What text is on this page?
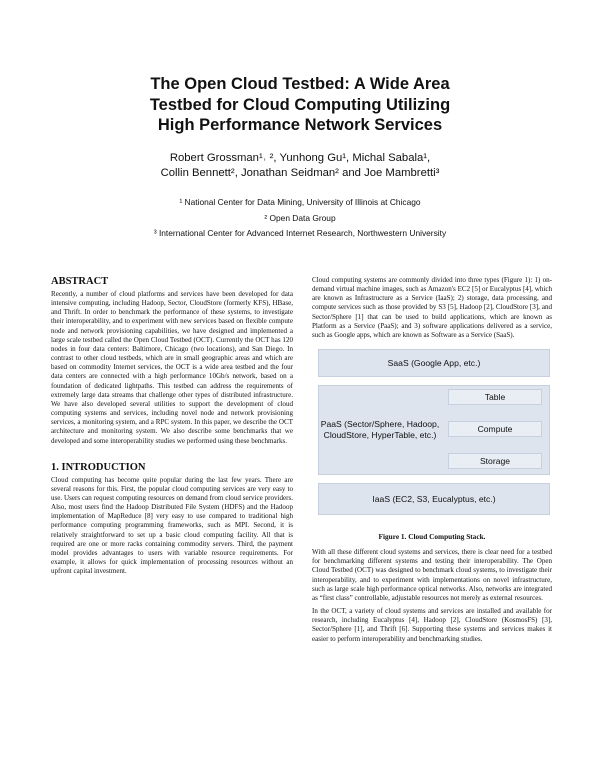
The Open Cloud Testbed: A Wide Area
Testbed for Cloud Computing Utilizing
High Performance Network Services
Robert Grossman¹˒ ², Yunhong Gu¹, Michal Sabala¹,
Collin Bennett², Jonathan Seidman² and Joe Mambretti³
¹ National Center for Data Mining, University of Illinois at Chicago
² Open Data Group
³ International Center for Advanced Internet Research, Northwestern University
ABSTRACT

Recently, a number of cloud platforms and services have been developed for data intensive computing, including Hadoop, Sector, CloudStore (formerly KFS), HBase, and Thrift. In order to benchmark the performance of these systems, to investigate their interoperability, and to experiment with new services based on flexible compute node and network provisioning capabilities, we have designed and implemented a large scale testbed called the Open Cloud Testbed (OCT). Currently the OCT has 120 nodes in four data centers: Baltimore, Chicago (two locations), and San Diego. In contrast to other cloud testbeds, which are in small geographic areas and which are based on commodity Internet services, the OCT is a wide area testbed and the four data centers are connected with a high performance 10Gb/s network, based on a foundation of dedicated lightpaths. This testbed can address the requirements of extremely large data streams that challenge other types of distributed infrastructure. We have also developed several utilities to support the development of cloud computing systems and services, including novel node and network provisioning services, a monitoring system, and a RPC system. In this paper, we describe the OCT architecture and monitoring system. We also describe some benchmarks that we developed and some interoperability studies we performed using these benchmarks.

1. INTRODUCTION

Cloud computing has become quite popular during the last few years. There are several reasons for this. First, the popular cloud computing services are very easy to use. Users can request computing resources on demand from cloud service providers. Also, most users find the Hadoop Distributed File System (HDFS) and the Hadoop implementation of MapReduce [8] very easy to use compared to traditional high performance computing programming frameworks, such as MPI. Second, it is relatively straightforward to set up a basic cloud computing facility. All that is required are one or more racks containing commodity servers. Third, the payment model provides advantages to users with variable resource requirements. For example, it allows for quick implementation of processing resources without an upfront capital investment.

Cloud computing systems are commonly divided into three types (Figure 1): 1) on-demand virtual machine images, such as Amazon's EC2 [5] or Eucalyptus [4], which are known as Infrastructure as a Service (IaaS); 2) storage, data processing, and compute services such as those provided by S3 [5], Hadoop [2], CloudStore [3], and Sector/Sphere [1] that can be used to build applications, which are known as Platform as a Service (PaaS); and 3) software applications delivered as a service, such as Google apps, which are known as Software as a Service (SaaS).

SaaS (Google App, etc.)
PaaS (Sector/Sphere, Hadoop, CloudStore, HyperTable, etc.)
Table
Compute
Storage
IaaS (EC2, S3, Eucalyptus, etc.)
Figure 1. Cloud Computing Stack.

With all these different cloud systems and services, there is clear need for a testbed for benchmarking different systems and testing their interoperability. The Open Cloud Testbed (OCT) was designed to benchmark cloud systems, to investigate their interoperability, and to experiment with implementations on novel infrastructure, such as large scale high performance optical networks. Also, networks are integrated as “first class” controllable, adjustable resources not merely as external resources.

In the OCT, a variety of cloud systems and services are installed and available for research, including Eucalyptus [4], Hadoop [2], CloudStore (KosmosFS) [3], Sector/Sphere [1], and Thrift [6]. Supporting these systems and services makes it easier to perform interoperability and benchmarking studies.
